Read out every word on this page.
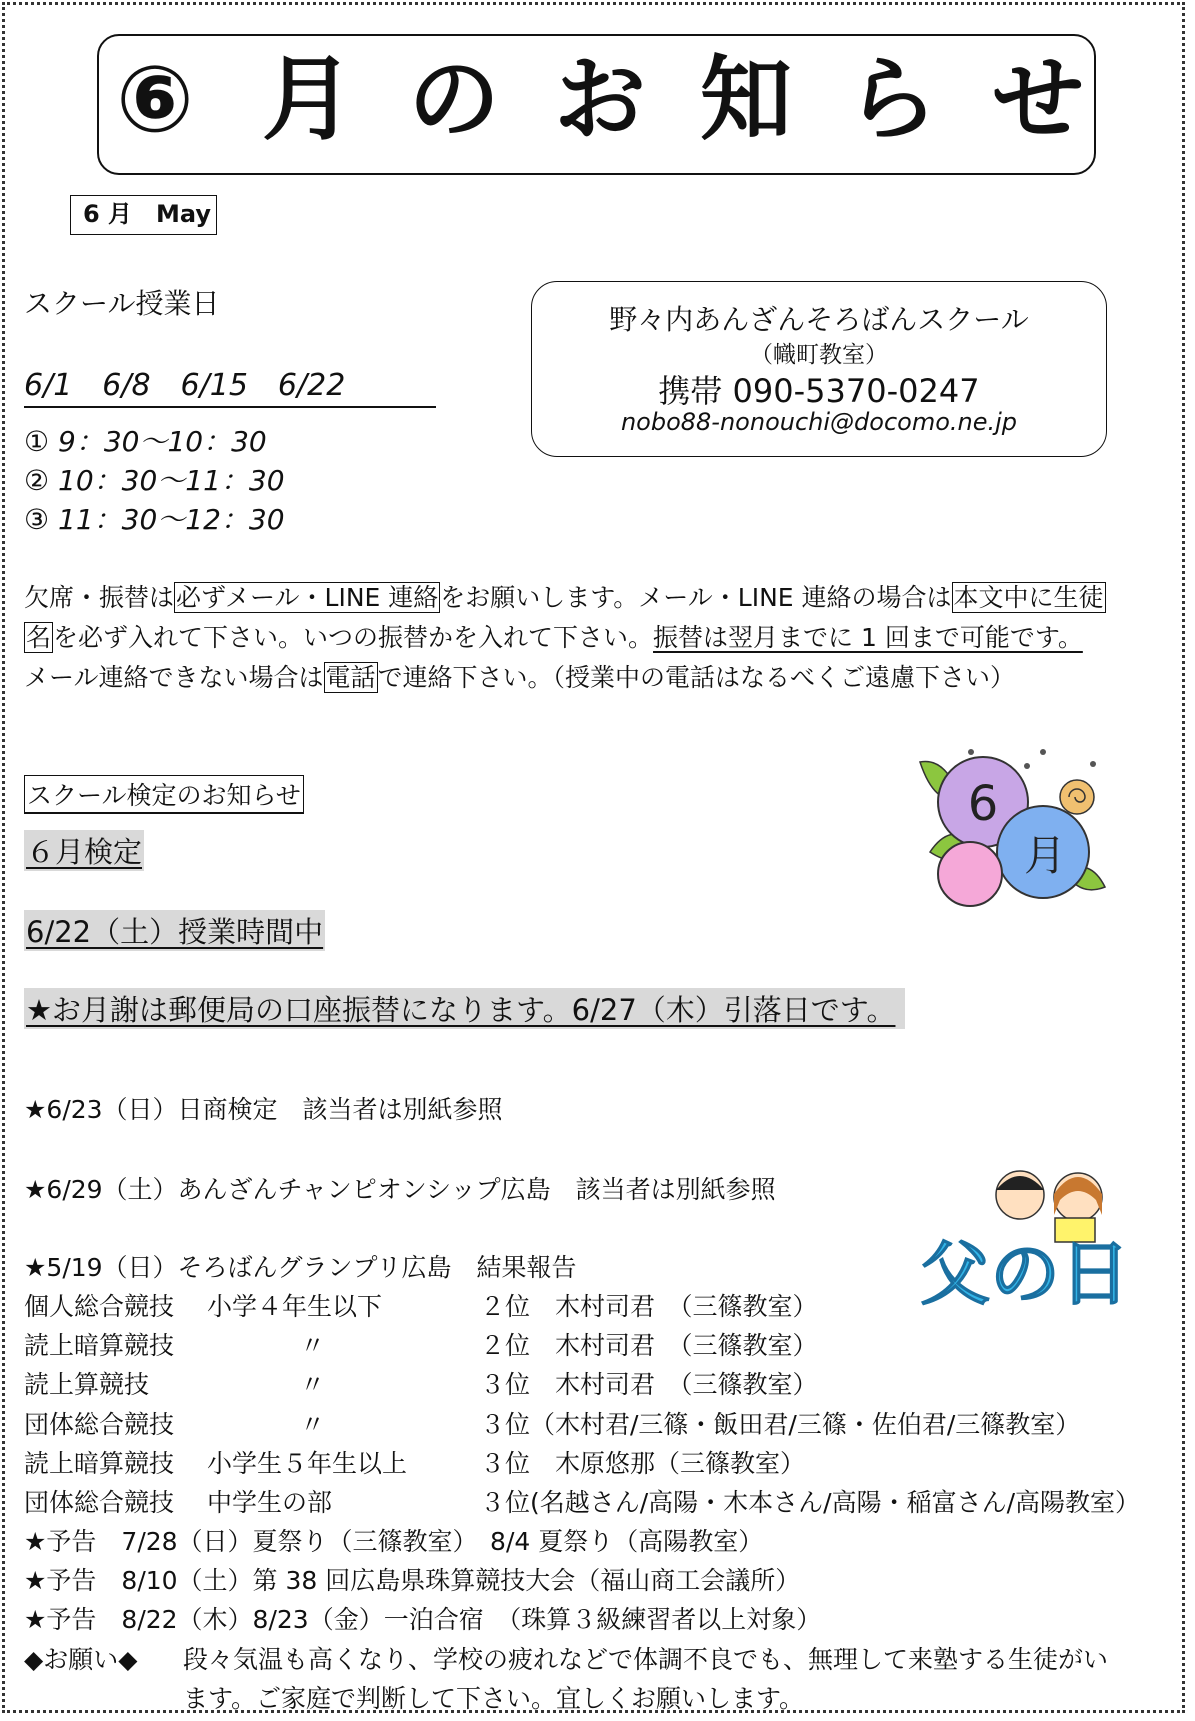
⑥ 月 の お 知 ら せ
6 月　May
スクール授業日
6/1　6/8　6/15　6/22　
① 9：30～10：30
② 10：30～11：30
③ 11：30～12：30
野々内あんざんそろばんスクール
（幟町教室）
携帯 090-5370-0247
nobo88-nonouchi@docomo.ne.jp
欠席・振替は必ずメール・LINE 連絡をお願いします。メール・LINE 連絡の場合は本文中に生徒
名を必ず入れて下さい。いつの振替かを入れて下さい。振替は翌月までに 1 回まで可能です。
メール連絡できない場合は電話で連絡下さい。（授業中の電話はなるべくご遠慮下さい）
スクール検定のお知らせ
６月検定
6/22（土）授業時間中
★お月謝は郵便局の口座振替になります。6/27（木）引落日です。
★6/23（日）日商検定　該当者は別紙参照
★6/29（土）あんざんチャンピオンシップ広島　該当者は別紙参照
★5/19（日）そろばんグランプリ広島　結果報告
個人総合競技 小学４年生以下	２位　木村司君　（三篠教室）
読上暗算競技	〃	２位　木村司君　（三篠教室）
読上算競技	〃	３位　木村司君　（三篠教室）
団体総合競技	〃	３位（木村君/三篠・飯田君/三篠・佐伯君/三篠教室）
読上暗算競技 小学生５年生以上	３位　木原悠那（三篠教室）
団体総合競技 中学生の部	３位(名越さん/高陽・木本さん/高陽・稲富さん/高陽教室）
★予告　7/28（日）夏祭り（三篠教室）　8/4 夏祭り（高陽教室）
★予告　8/10（土）第 38 回広島県珠算競技大会（福山商工会議所）
★予告　8/22（木）8/23（金）一泊合宿　（珠算３級練習者以上対象）
◆お願い◆ 段々気温も高くなり、学校の疲れなどで体調不良でも、無理して来塾する生徒がい
ます。ご家庭で判断して下さい。宜しくお願いします。
6
月
父の日
